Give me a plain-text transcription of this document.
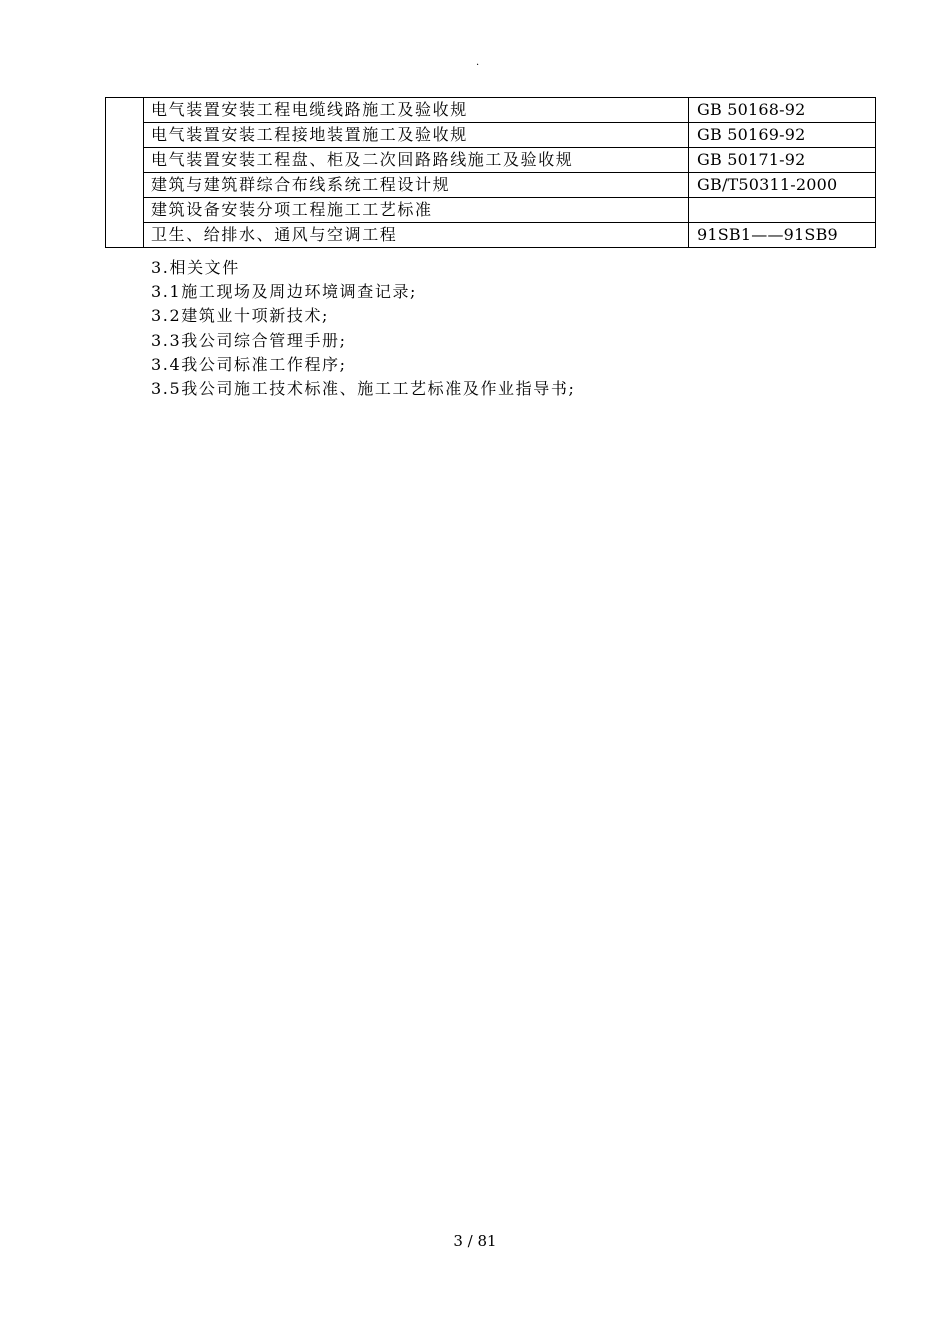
.
	电气装置安装工程电缆线路施工及验收规	GB 50168-92
	电气装置安装工程接地装置施工及验收规	GB 50169-92
	电气装置安装工程盘、柜及二次回路路线施工及验收规	GB 50171-92
	建筑与建筑群综合布线系统工程设计规	GB/T50311-2000
	建筑设备安装分项工程施工工艺标准	
	卫生、给排水、通风与空调工程	91SB1——91SB9
3.相关文件
3.1施工现场及周边环境调查记录;
3.2建筑业十项新技术;
3.3我公司综合管理手册;
3.4我公司标准工作程序;
3.5我公司施工技术标准、施工工艺标准及作业指导书;
3 / 81
